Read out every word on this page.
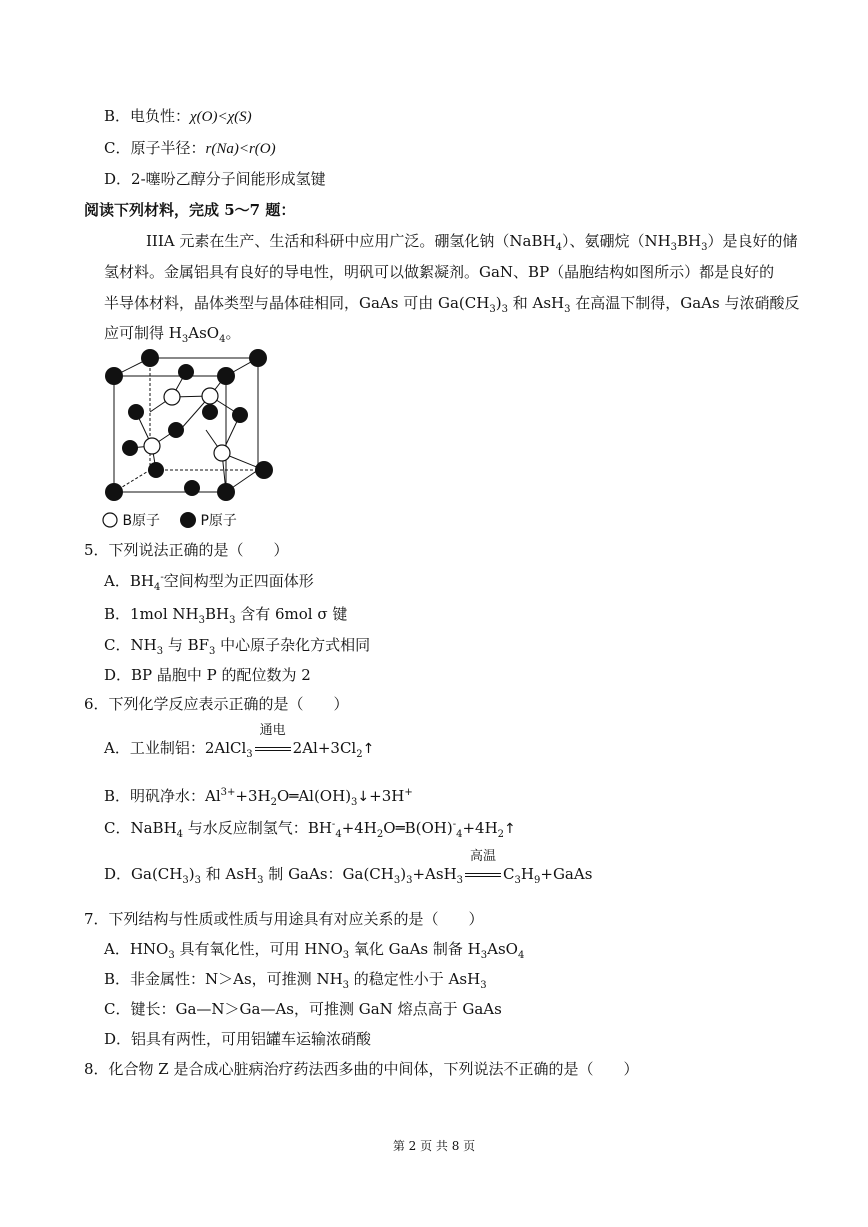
B．电负性：χ(O)<χ(S)
C．原子半径：r(Na)<r(O)
D．2-噻吩乙醇分子间能形成氢键
阅读下列材料，完成 5～7 题：
IIIA 元素在生产、生活和科研中应用广泛。硼氢化钠（NaBH$_4$）、氨硼烷$(NH_3BH_3)$是良好的储
氢材料。金属铝具有良好的导电性，明矾可以做絮凝剂。GaN、BP（晶胞结构如图所示）都是良好的
半导体材料，晶体类型与晶体硅相同，GaAs 可由 $Ga(CH_3)_3$ 和 AsH$_3$ 在高温下制得，GaAs 与浓硝酸反
应可制得 $H_3AsO_4$。
B原子	P原子
5．下列说法正确的是（　　）
A．$BH_4^-$空间构型为正四面体形
B．1mol $NH_3BH_3$ 含有 6mol σ 键
C．$NH_3$ 与 $BF_3$ 中心原子杂化方式相同
D．BP 晶胞中 P 的配位数为 2
6．下列化学反应表示正确的是（　　）
A．工业制铝：2AlCl$_3$
通电
$2Al+3Cl_2↑$
B．明矾净水：$Al^{3+}+3H_2O═Al(OH)_3↓+3H^+$
C．NaBH$_4$ 与水反应制氢气：$BH^-_4+4H_2O═B(OH)^-_4+4H_2↑$
D．$Ga(CH_3)_3$ 和 AsH$_3$ 制 GaAs：$Ga(CH_3)_3+AsH_3$
高温
$C_3H_9+GaAs$
7．下列结构与性质或性质与用途具有对应关系的是（　　）
A．$HNO_3$ 具有氧化性，可用 $HNO_3$ 氧化 GaAs 制备 $H_3AsO_4$
B．非金属性：N＞As，可推测 $NH_3$ 的稳定性小于 AsH$_3$
C．键长：Ga—N＞Ga—As，可推测 GaN 熔点高于 GaAs
D．铝具有两性，可用铝罐车运输浓硝酸
8．化合物 Z 是合成心脏病治疗药法西多曲的中间体，下列说法不正确的是（　　）
第 2 页 共 8 页
